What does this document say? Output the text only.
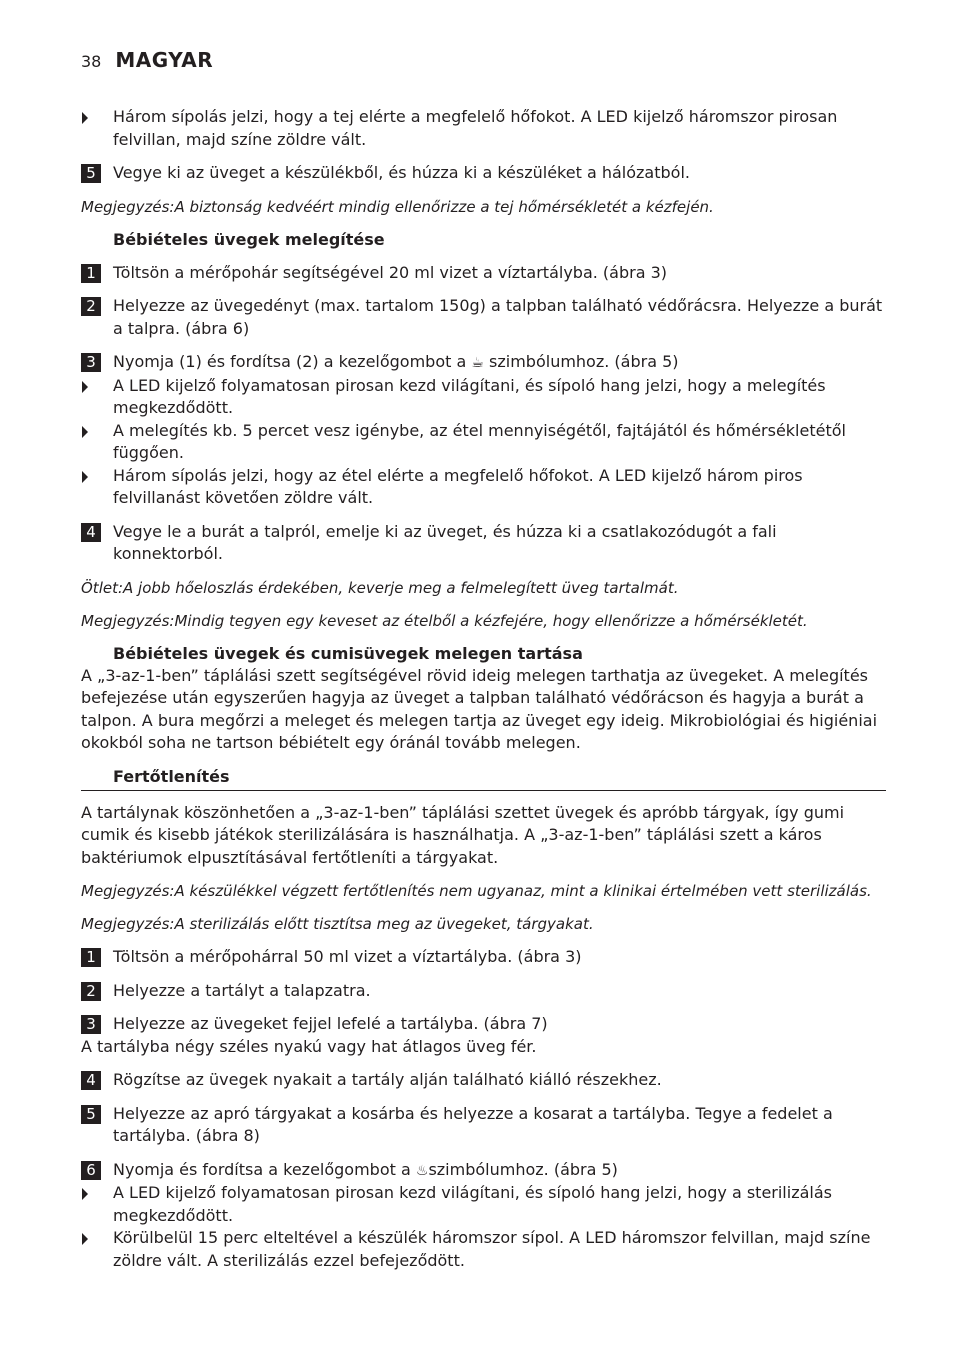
38 MAGYAR
Három sípolás jelzi, hogy a tej elérte a megfelelő hőfokot. A LED kijelző háromszor pirosan felvillan, majd színe zöldre vált.
5	Vegye ki az üveget a készülékből, és húzza ki a készüléket a hálózatból.
Megjegyzés:A biztonság kedvéért mindig ellenőrizze a tej hőmérsékletét a kézfején.
Bébiételes üvegek melegítése
1	Töltsön a mérőpohár segítségével 20 ml vizet a víztartályba. (ábra 3)
2	Helyezze az üvegedényt (max. tartalom 150g) a talpban található védőrácsra. Helyezze a burát a talpra. (ábra 6)
3	Nyomja (1) és fordítsa (2) a kezelőgombot a ☕ szimbólumhoz. (ábra 5)
A LED kijelző folyamatosan pirosan kezd világítani, és sípoló hang jelzi, hogy a melegítés megkezdődött.
A melegítés kb. 5 percet vesz igénybe, az étel mennyiségétől, fajtájától és hőmérsékletétől függően.
Három sípolás jelzi, hogy az étel elérte a megfelelő hőfokot. A LED kijelző három piros felvillanást követően zöldre vált.
4	Vegye le a burát a talpról, emelje ki az üveget, és húzza ki a csatlakozódugót a fali konnektorból.
Ötlet:A jobb hőeloszlás érdekében, keverje meg a felmelegített üveg tartalmát.
Megjegyzés:Mindig tegyen egy keveset az ételből a kézfejére, hogy ellenőrizze a hőmérsékletét.
Bébiételes üvegek és cumisüvegek melegen tartása
A „3-az-1-ben” táplálási szett segítségével rövid ideig melegen tarthatja az üvegeket. A melegítés befejezése után egyszerűen hagyja az üveget a talpban található védőrácson és hagyja a burát a talpon. A bura megőrzi a meleget és melegen tartja az üveget egy ideig. Mikrobiológiai és higiéniai okokból soha ne tartson bébiételt egy óránál tovább melegen.
Fertőtlenítés
A tartálynak köszönhetően a „3-az-1-ben” táplálási szettet üvegek és apróbb tárgyak, így gumi cumik és kisebb játékok sterilizálására is használhatja. A „3-az-1-ben” táplálási szett a káros baktériumok elpusztításával fertőtleníti a tárgyakat.
Megjegyzés:A készülékkel végzett fertőtlenítés nem ugyanaz, mint a klinikai értelmében vett sterilizálás.
Megjegyzés:A sterilizálás előtt tisztítsa meg az üvegeket, tárgyakat.
1	Töltsön a mérőpohárral 50 ml vizet a víztartályba. (ábra 3)
2	Helyezze a tartályt a talapzatra.
3	Helyezze az üvegeket fejjel lefelé a tartályba. (ábra 7)
A tartályba négy széles nyakú vagy hat átlagos üveg fér.
4	Rögzítse az üvegek nyakait a tartály alján található kiálló részekhez.
5	Helyezze az apró tárgyakat a kosárba és helyezze a kosarat a tartályba. Tegye a fedelet a tartályba. (ábra 8)
6	Nyomja és fordítsa a kezelőgombot a ♨szimbólumhoz. (ábra 5)
A LED kijelző folyamatosan pirosan kezd világítani, és sípoló hang jelzi, hogy a sterilizálás megkezdődött.
Körülbelül 15 perc elteltével a készülék háromszor sípol. A LED háromszor felvillan, majd színe zöldre vált. A sterilizálás ezzel befejeződött.
